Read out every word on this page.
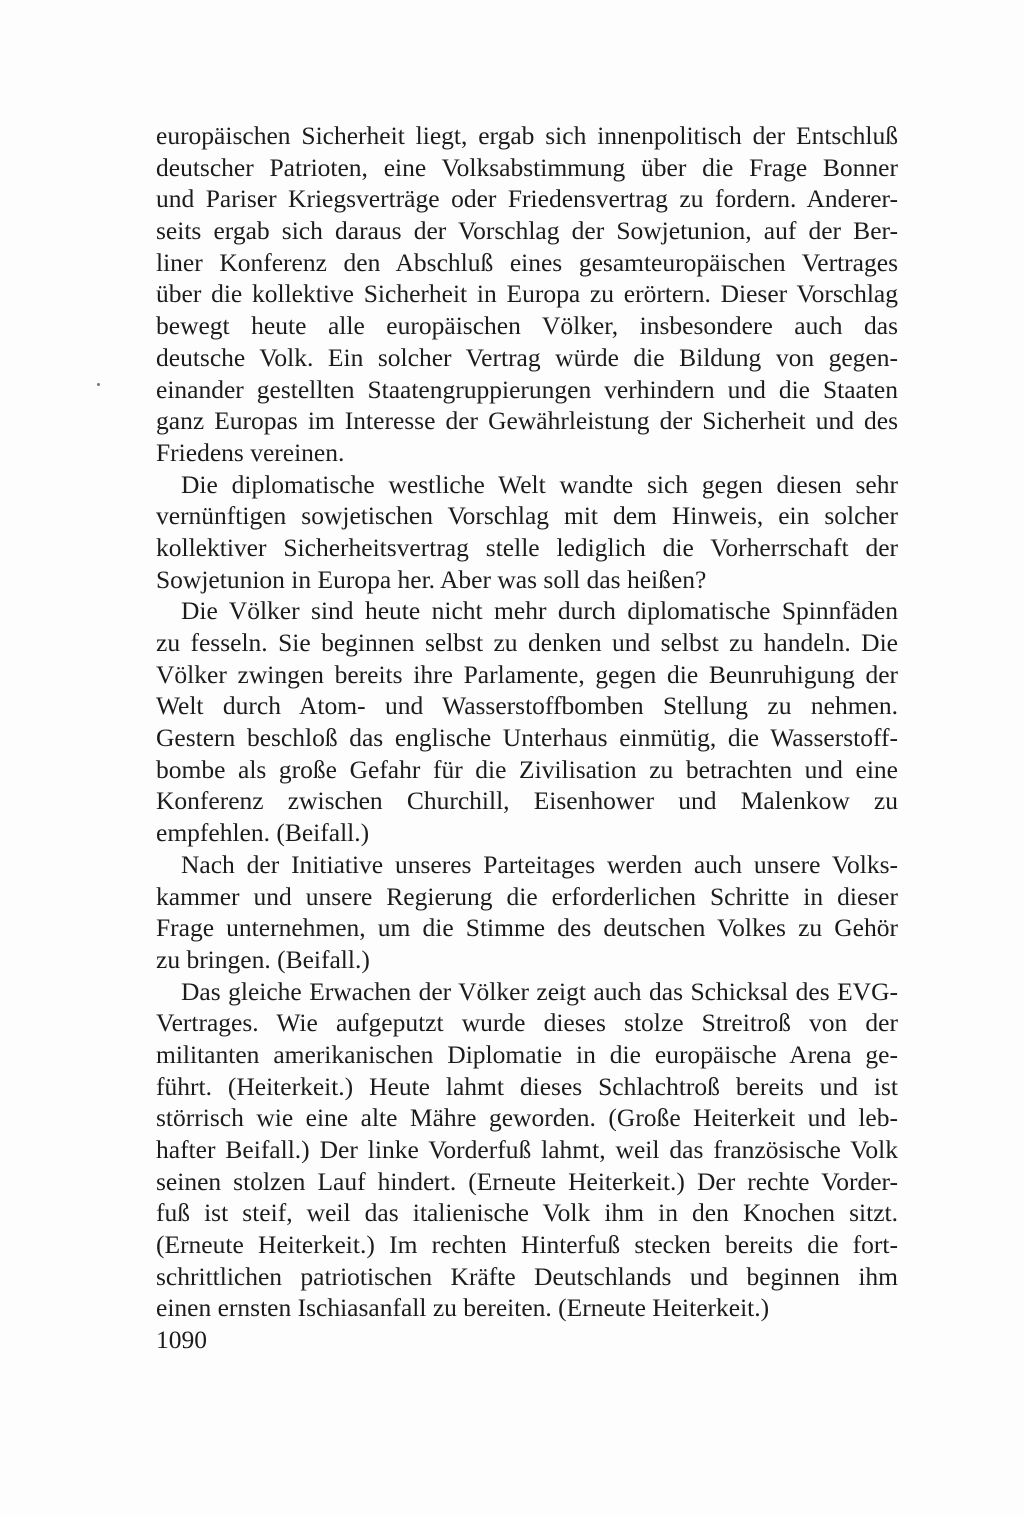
europäischen Sicherheit liegt, ergab sich innenpolitisch der Entschluß
deutscher Patrioten, eine Volksabstimmung über die Frage Bonner
und Pariser Kriegsverträge oder Friedensvertrag zu fordern. Anderer-
seits ergab sich daraus der Vorschlag der Sowjetunion, auf der Ber-
liner Konferenz den Abschluß eines gesamteuropäischen Vertrages
über die kollektive Sicherheit in Europa zu erörtern. Dieser Vorschlag
bewegt heute alle europäischen Völker, insbesondere auch das
deutsche Volk. Ein solcher Vertrag würde die Bildung von gegen-
einander gestellten Staatengruppierungen verhindern und die Staaten
ganz Europas im Interesse der Gewährleistung der Sicherheit und des
Friedens vereinen.
Die diplomatische westliche Welt wandte sich gegen diesen sehr
vernünftigen sowjetischen Vorschlag mit dem Hinweis, ein solcher
kollektiver Sicherheitsvertrag stelle lediglich die Vorherrschaft der
Sowjetunion in Europa her. Aber was soll das heißen?
Die Völker sind heute nicht mehr durch diplomatische Spinnfäden
zu fesseln. Sie beginnen selbst zu denken und selbst zu handeln. Die
Völker zwingen bereits ihre Parlamente, gegen die Beunruhigung der
Welt durch Atom- und Wasserstoffbomben Stellung zu nehmen.
Gestern beschloß das englische Unterhaus einmütig, die Wasserstoff-
bombe als große Gefahr für die Zivilisation zu betrachten und eine
Konferenz zwischen Churchill, Eisenhower und Malenkow zu
empfehlen. (Beifall.)
Nach der Initiative unseres Parteitages werden auch unsere Volks-
kammer und unsere Regierung die erforderlichen Schritte in dieser
Frage unternehmen, um die Stimme des deutschen Volkes zu Gehör
zu bringen. (Beifall.)
Das gleiche Erwachen der Völker zeigt auch das Schicksal des EVG-
Vertrages. Wie aufgeputzt wurde dieses stolze Streitroß von der
militanten amerikanischen Diplomatie in die europäische Arena ge-
führt. (Heiterkeit.) Heute lahmt dieses Schlachtroß bereits und ist
störrisch wie eine alte Mähre geworden. (Große Heiterkeit und leb-
hafter Beifall.) Der linke Vorderfuß lahmt, weil das französische Volk
seinen stolzen Lauf hindert. (Erneute Heiterkeit.) Der rechte Vorder-
fuß ist steif, weil das italienische Volk ihm in den Knochen sitzt.
(Erneute Heiterkeit.) Im rechten Hinterfuß stecken bereits die fort-
schrittlichen patriotischen Kräfte Deutschlands und beginnen ihm
einen ernsten Ischiasanfall zu bereiten. (Erneute Heiterkeit.)
1090
